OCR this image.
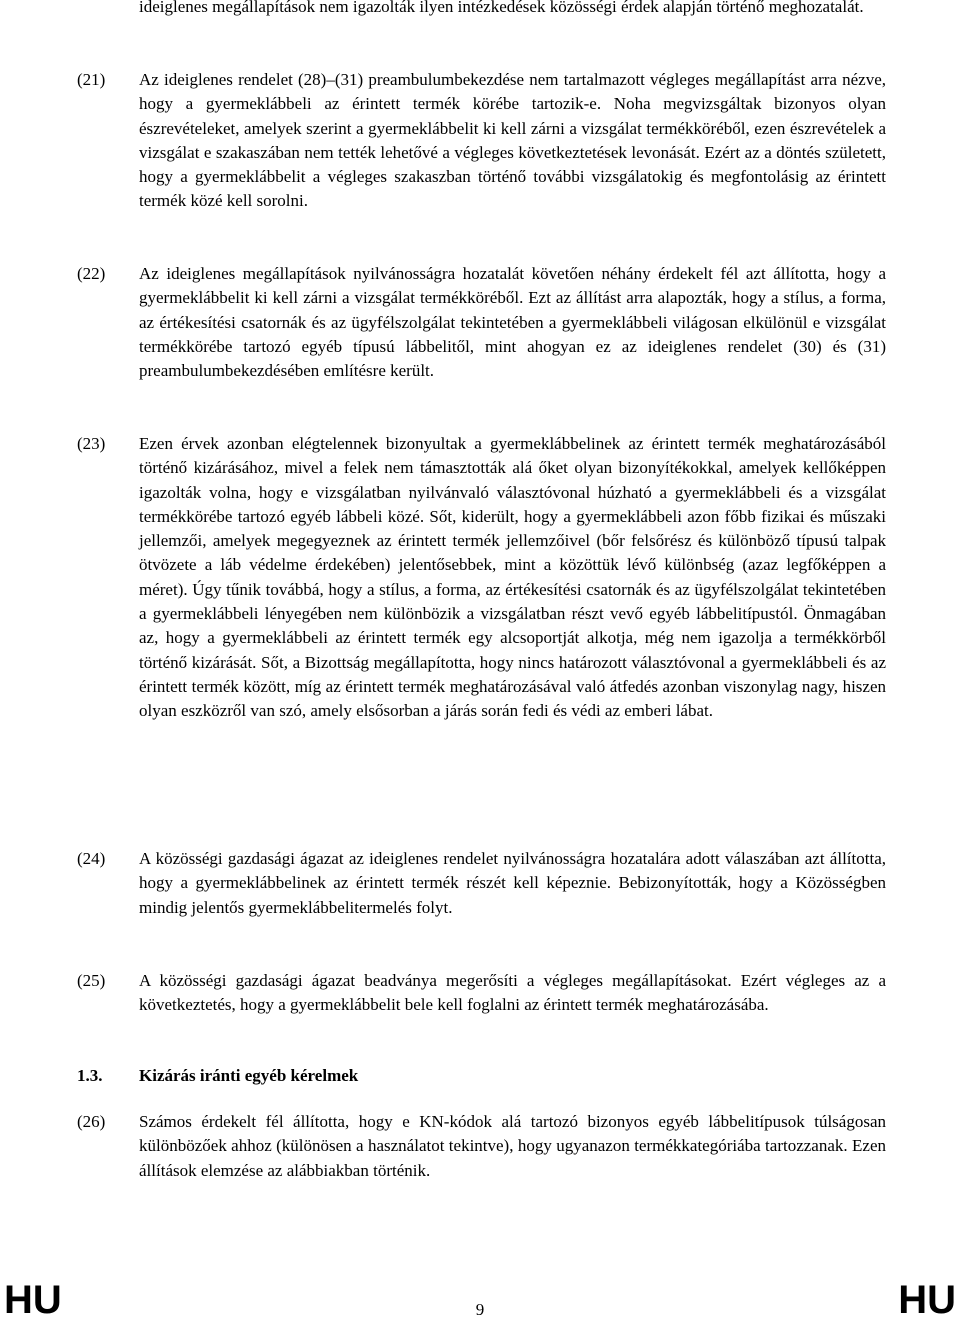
ideiglenes megállapítások nem igazolták ilyen intézkedések közösségi érdek alapján történő meghozatalát.
(21) Az ideiglenes rendelet (28)–(31) preambulumbekezdése nem tartalmazott végleges megállapítást arra nézve, hogy a gyermeklábbeli az érintett termék körébe tartozik-e. Noha megvizsgáltak bizonyos olyan észrevételeket, amelyek szerint a gyermeklábbelit ki kell zárni a vizsgálat termékköréből, ezen észrevételek a vizsgálat e szakaszában nem tették lehetővé a végleges következtetések levonását. Ezért az a döntés született, hogy a gyermeklábbelit a végleges szakaszban történő további vizsgálatokig és megfontolásig az érintett termék közé kell sorolni.
(22) Az ideiglenes megállapítások nyilvánosságra hozatalát követően néhány érdekelt fél azt állította, hogy a gyermeklábbelit ki kell zárni a vizsgálat termékköréből. Ezt az állítást arra alapozták, hogy a stílus, a forma, az értékesítési csatornák és az ügyfélszolgálat tekintetében a gyermeklábbeli világosan elkülönül e vizsgálat termékkörébe tartozó egyéb típusú lábbelitől, mint ahogyan ez az ideiglenes rendelet (30) és (31) preambulumbekezdésében említésre került.
(23) Ezen érvek azonban elégtelennek bizonyultak a gyermeklábbelinek az érintett termék meghatározásából történő kizárásához, mivel a felek nem támasztották alá őket olyan bizonyítékokkal, amelyek kellőképpen igazolták volna, hogy e vizsgálatban nyilvánvaló választóvonal húzható a gyermeklábbeli és a vizsgálat termékkörébe tartozó egyéb lábbeli közé. Sőt, kiderült, hogy a gyermeklábbeli azon főbb fizikai és műszaki jellemzői, amelyek megegyeznek az érintett termék jellemzőivel (bőr felsőrész és különböző típusú talpak ötvözete a láb védelme érdekében) jelentősebbek, mint a közöttük lévő különbség (azaz legfőképpen a méret). Úgy tűnik továbbá, hogy a stílus, a forma, az értékesítési csatornák és az ügyfélszolgálat tekintetében a gyermeklábbeli lényegében nem különbözik a vizsgálatban részt vevő egyéb lábbelitípustól. Önmagában az, hogy a gyermeklábbeli az érintett termék egy alcsoportját alkotja, még nem igazolja a termékkörből történő kizárását. Sőt, a Bizottság megállapította, hogy nincs határozott választóvonal a gyermeklábbeli és az érintett termék között, míg az érintett termék meghatározásával való átfedés azonban viszonylag nagy, hiszen olyan eszközről van szó, amely elsősorban a járás során fedi és védi az emberi lábat.
(24) A közösségi gazdasági ágazat az ideiglenes rendelet nyilvánosságra hozatalára adott válaszában azt állította, hogy a gyermeklábbelinek az érintett termék részét kell képeznie. Bebizonyították, hogy a Közösségben mindig jelentős gyermeklábbelitermelés folyt.
(25) A közösségi gazdasági ágazat beadványa megerősíti a végleges megállapításokat. Ezért végleges az a következtetés, hogy a gyermeklábbelit bele kell foglalni az érintett termék meghatározásába.
1.3. Kizárás iránti egyéb kérelmek
(26) Számos érdekelt fél állította, hogy e KN-kódok alá tartozó bizonyos egyéb lábbelitípusok túlságosan különbözőek ahhoz (különösen a használatot tekintve), hogy ugyanazon termékkategóriába tartozzanak. Ezen állítások elemzése az alábbiakban történik.
HU	9	HU
